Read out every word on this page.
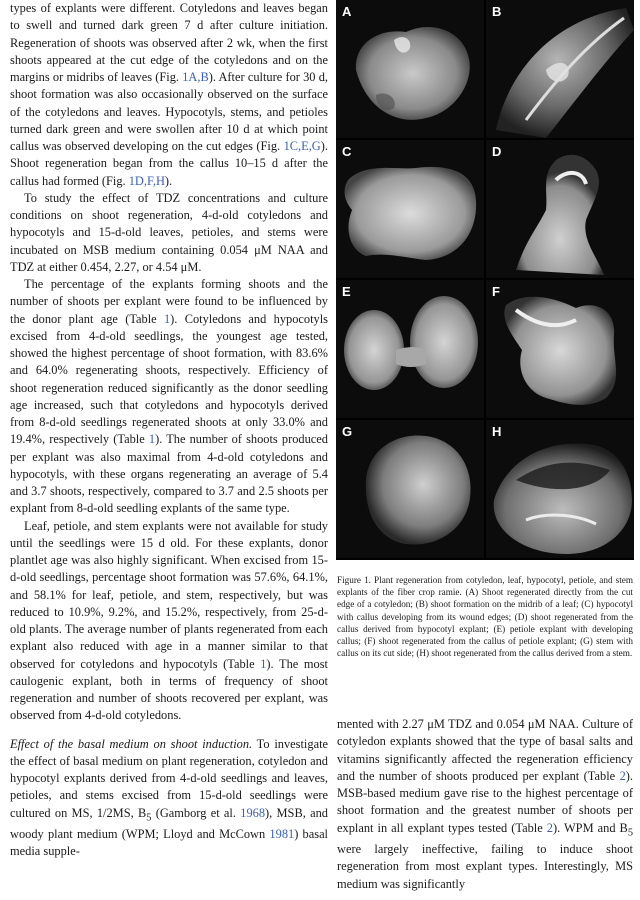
types of explants were different. Cotyledons and leaves began to swell and turned dark green 7 d after culture initiation. Regeneration of shoots was observed after 2 wk, when the first shoots appeared at the cut edge of the cotyledons and on the margins or midribs of leaves (Fig. 1A,B). After culture for 30 d, shoot formation was also occasionally observed on the surface of the cotyledons and leaves. Hypocotyls, stems, and petioles turned dark green and were swollen after 10 d at which point callus was observed developing on the cut edges (Fig. 1C,E,G). Shoot regeneration began from the callus 10–15 d after the callus had formed (Fig. 1D,F,H).

To study the effect of TDZ concentrations and culture conditions on shoot regeneration, 4-d-old cotyledons and hypocotyls and 15-d-old leaves, petioles, and stems were incubated on MSB medium containing 0.054 μM NAA and TDZ at either 0.454, 2.27, or 4.54 μM.

The percentage of the explants forming shoots and the number of shoots per explant were found to be influenced by the donor plant age (Table 1). Cotyledons and hypocotyls excised from 4-d-old seedlings, the youngest age tested, showed the highest percentage of shoot formation, with 83.6% and 64.0% regenerating shoots, respectively. Efficiency of shoot regeneration reduced significantly as the donor seedling age increased, such that cotyledons and hypocotyls derived from 8-d-old seedlings regenerated shoots at only 33.0% and 19.4%, respectively (Table 1). The number of shoots produced per explant was also maximal from 4-d-old cotyledons and hypocotyls, with these organs regenerating an average of 5.4 and 3.7 shoots, respectively, compared to 3.7 and 2.5 shoots per explant from 8-d-old seedling explants of the same type.

Leaf, petiole, and stem explants were not available for study until the seedlings were 15 d old. For these explants, donor plantlet age was also highly significant. When excised from 15-d-old seedlings, percentage shoot formation was 57.6%, 64.1%, and 58.1% for leaf, petiole, and stem, respectively, but was reduced to 10.9%, 9.2%, and 15.2%, respectively, from 25-d-old plants. The average number of plants regenerated from each explant also reduced with age in a manner similar to that observed for cotyledons and hypocotyls (Table 1). The most caulogenic explant, both in terms of frequency of shoot regeneration and number of shoots recovered per explant, was observed from 4-d-old cotyledons.

Effect of the basal medium on shoot induction. To investigate the effect of basal medium on plant regeneration, cotyledon and hypocotyl explants derived from 4-d-old seedlings and leaves, petioles, and stems excised from 15-d-old seedlings were cultured on MS, 1/2MS, $B_5$ (Gamborg et al. 1968), MSB, and woody plant medium (WPM; Lloyd and McCown 1981) basal media supple-

A	B
C	D
E	F
G	H
Figure 1. Plant regeneration from cotyledon, leaf, hypocotyl, petiole, and stem explants of the fiber crop ramie. (A) Shoot regenerated directly from the cut edge of a cotyledon; (B) shoot formation on the midrib of a leaf; (C) hypocotyl with callus developing from its wound edges; (D) shoot regenerated from the callus derived from hypocotyl explant; (E) petiole explant with developing callus; (F) shoot regenerated from the callus of petiole explant; (G) stem with callus on its cut side; (H) shoot regenerated from the callus derived from a stem.

mented with 2.27 μM TDZ and 0.054 μM NAA. Culture of cotyledon explants showed that the type of basal salts and vitamins significantly affected the regeneration efficiency and the number of shoots produced per explant (Table 2). MSB-based medium gave rise to the highest percentage of shoot formation and the greatest number of shoots per explant in all explant types tested (Table 2). WPM and $B_5$ were largely ineffective, failing to induce shoot regeneration from most explant types. Interestingly, MS medium was significantly
